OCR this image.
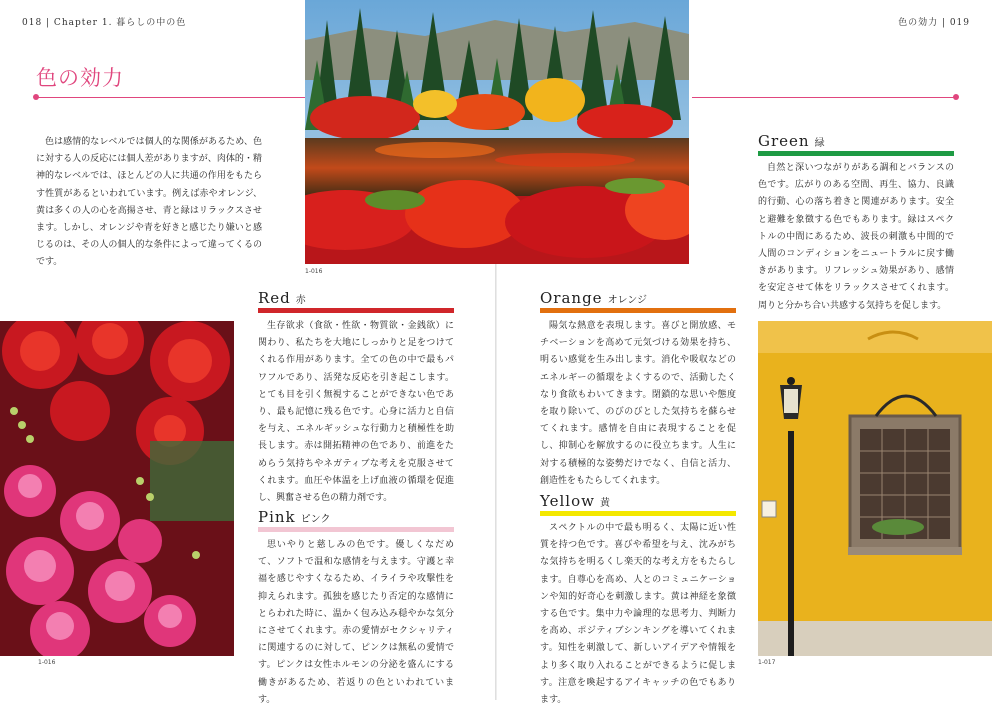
018 | Chapter 1. 暮らしの中の色	色の効力 | 019
色の効力

色は感情的なレベルでは個人的な関係があるため、色に対する人の反応には個人差がありますが、肉体的・精神的なレベルでは、ほとんどの人に共通の作用をもたらす性質があるといわれています。例えば赤やオレンジ、黄は多くの人の心を高揚させ、青と緑はリラックスさせます。しかし、オレンジや青を好きと感じたり嫌いと感じるのは、その人の個人的な条件によって違ってくるのです。

1-016
1-016	1-017
Red 赤

生存欲求（食欲・性欲・物質欲・金銭欲）に関わり、私たちを大地にしっかりと足をつけてくれる作用があります。全ての色の中で最もパワフルであり、活発な反応を引き起こします。とても目を引く無視することができない色であり、最も記憶に残る色です。心身に活力と自信を与え、エネルギッシュな行動力と積極性を助長します。赤は開拓精神の色であり、前進をためらう気持ちやネガティブな考えを克服させてくれます。血圧や体温を上げ血液の循環を促進し、興奮させる色の精力剤です。

Pink ピンク

思いやりと慈しみの色です。優しくなだめて、ソフトで温和な感情を与えます。守護と幸福を感じやすくなるため、イライラや攻撃性を抑えられます。孤独を感じたり否定的な感情にとらわれた時に、温かく包み込み穏やかな気分にさせてくれます。赤の愛情がセクシャリティに関連するのに対して、ピンクは無私の愛情です。ピンクは女性ホルモンの分泌を盛んにする働きがあるため、若返りの色といわれています。

Orange オレンジ

陽気な熱意を表現します。喜びと開放感、モチベーションを高めて元気づける効果を持ち、明るい感覚を生み出します。消化や吸収などのエネルギーの循環をよくするので、活動したくなり食欲もわいてきます。閉鎖的な思いや態度を取り除いて、のびのびとした気持ちを蘇らせてくれます。感情を自由に表現することを促し、抑制心を解放するのに役立ちます。人生に対する積極的な姿勢だけでなく、自信と活力、創造性をもたらしてくれます。

Yellow 黄

スペクトルの中で最も明るく、太陽に近い性質を持つ色です。喜びや希望を与え、沈みがちな気持ちを明るくし楽天的な考え方をもたらします。自尊心を高め、人とのコミュニケーションや知的好奇心を刺激します。黄は神経を象徴する色です。集中力や論理的な思考力、判断力を高め、ポジティブシンキングを導いてくれます。知性を刺激して、新しいアイデアや情報をより多く取り入れることができるように促します。注意を喚起するアイキャッチの色でもあります。

Green 緑

自然と深いつながりがある調和とバランスの色です。広がりのある空間、再生、協力、良識的行動、心の落ち着きと関連があります。安全と避難を象徴する色でもあります。緑はスペクトルの中間にあるため、波長の刺激も中間的で人間のコンディションをニュートラルに戻す働きがあります。リフレッシュ効果があり、感情を安定させて体をリラックスさせてくれます。周りと分かち合い共感する気持ちを促します。
